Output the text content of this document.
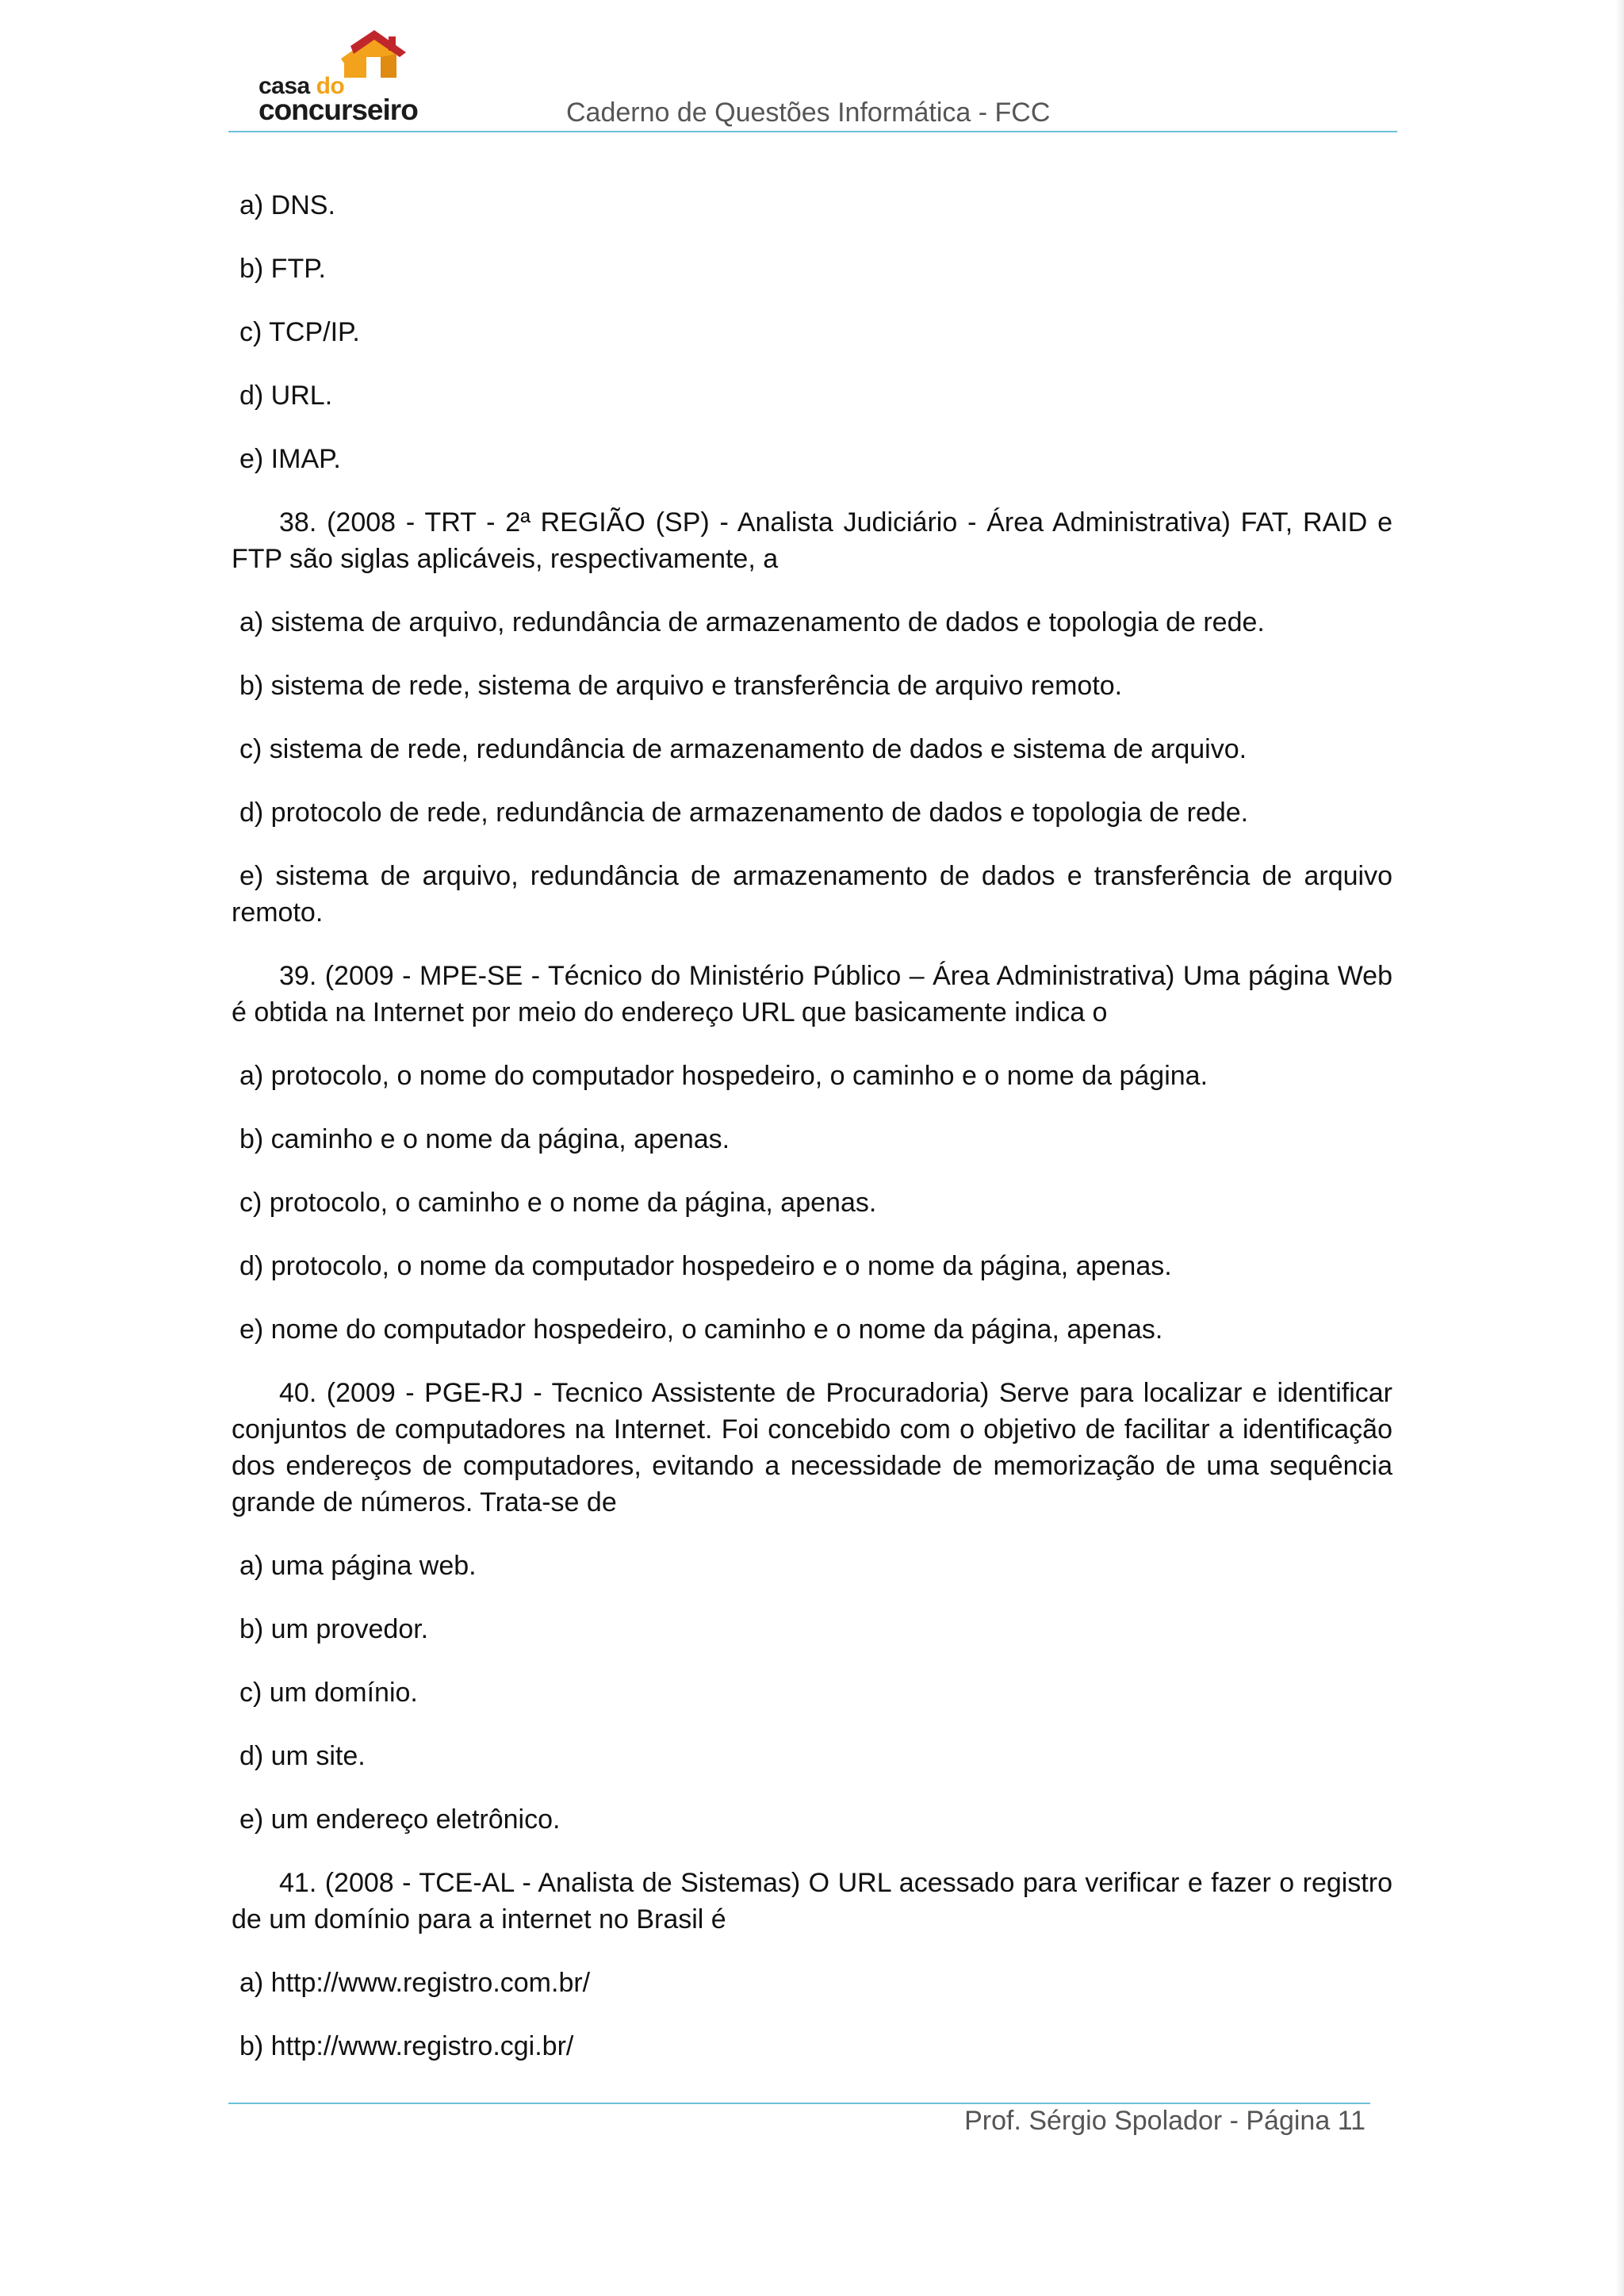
casa do
concurseiro	Caderno de Questões Informática - FCC
a) DNS.
b) FTP.
c) TCP/IP.
d) URL.
e) IMAP.
38. (2008 - TRT - 2ª REGIÃO (SP) - Analista Judiciário - Área Administrativa) FAT, RAID e FTP são siglas aplicáveis, respectivamente, a
a) sistema de arquivo, redundância de armazenamento de dados e topologia de rede.
b) sistema de rede, sistema de arquivo e transferência de arquivo remoto.
c) sistema de rede, redundância de armazenamento de dados e sistema de arquivo.
d) protocolo de rede, redundância de armazenamento de dados e topologia de rede.
e) sistema de arquivo, redundância de armazenamento de dados e transferência de arquivo remoto.
39. (2009 - MPE-SE - Técnico do Ministério Público – Área Administrativa) Uma página Web é obtida na Internet por meio do endereço URL que basicamente indica o
a) protocolo, o nome do computador hospedeiro, o caminho e o nome da página.
b) caminho e o nome da página, apenas.
c) protocolo, o caminho e o nome da página, apenas.
d) protocolo, o nome da computador hospedeiro e o nome da página, apenas.
e) nome do computador hospedeiro, o caminho e o nome da página, apenas.
40. (2009 - PGE-RJ - Tecnico Assistente de Procuradoria) Serve para localizar e identificar conjuntos de computadores na Internet. Foi concebido com o objetivo de facilitar a identificação dos endereços de computadores, evitando a necessidade de memorização de uma sequência grande de números. Trata-se de
a) uma página web.
b) um provedor.
c) um domínio.
d) um site.
e) um endereço eletrônico.
41. (2008 - TCE-AL - Analista de Sistemas) O URL acessado para verificar e fazer o registro de um domínio para a internet no Brasil é
a) http://www.registro.com.br/
b) http://www.registro.cgi.br/
Prof. Sérgio Spolador - Página 11
